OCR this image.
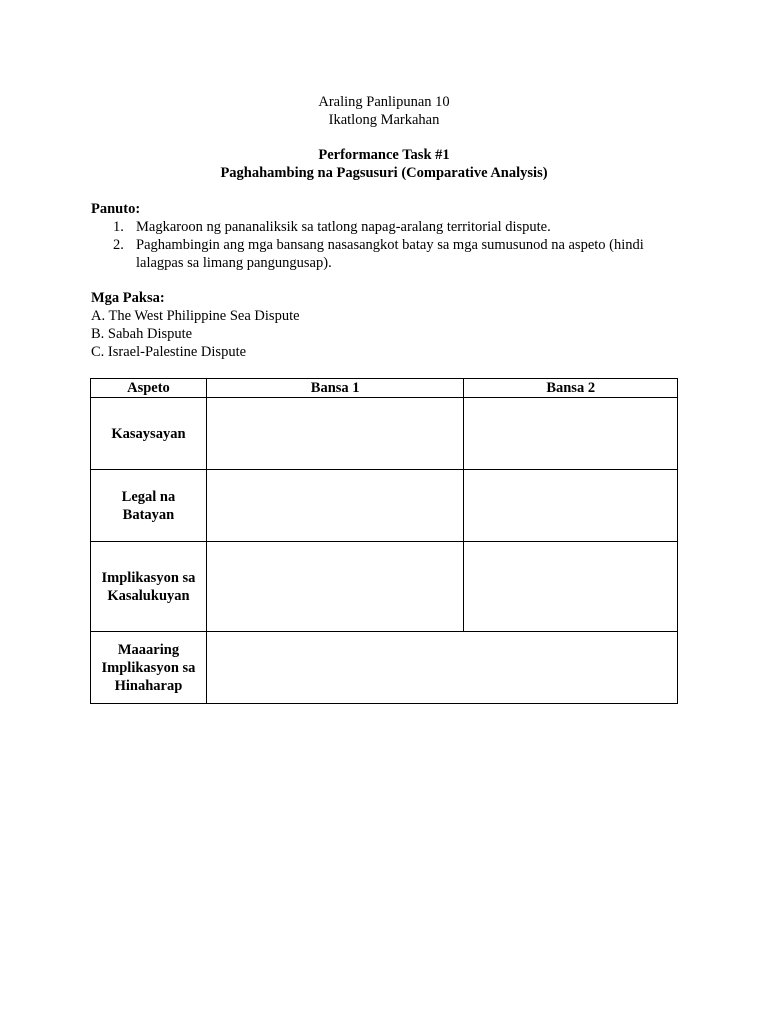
Araling Panlipunan 10
Ikatlong Markahan
Performance Task #1
Paghahambing na Pagsusuri (Comparative Analysis)
Panuto:
1. Magkaroon ng pananaliksik sa tatlong napag-aralang territorial dispute.
2. Paghambingin ang mga bansang nasasangkot batay sa mga sumusunod na aspeto (hindi lalagpas sa limang pangungusap).
Mga Paksa:
A. The West Philippine Sea Dispute
B. Sabah Dispute
C. Israel-Palestine Dispute
Aspeto	Bansa 1	Bansa 2

Kasaysayan		

Legal na
Batayan		

Implikasyon sa
Kasalukuyan		

Maaaring
Implikasyon sa
Hinaharap		
